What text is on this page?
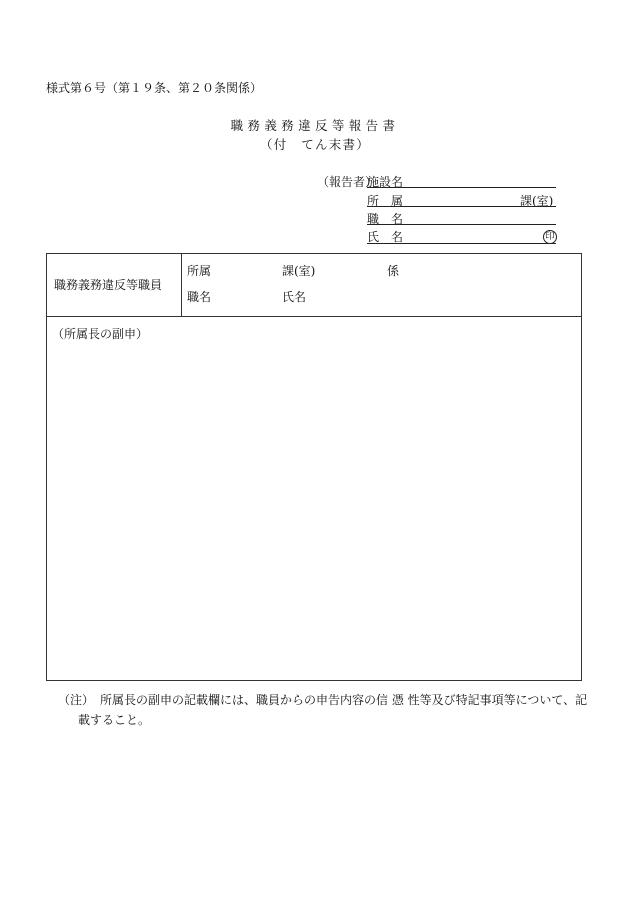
様式第６号（第１９条、第２０条関係）
職務義務違反等報告書
（付　てん末書）
（報告者）
施設名
所　属	課(室)
職　名
氏　名	印
職務義務違反等職員
所属	課(室)	係
職名	氏名
（所属長の副申）
（注） 所属長の副申の記載欄には、職員からの申告内容の信 憑 性等及び特記事項等について、記
載すること。
